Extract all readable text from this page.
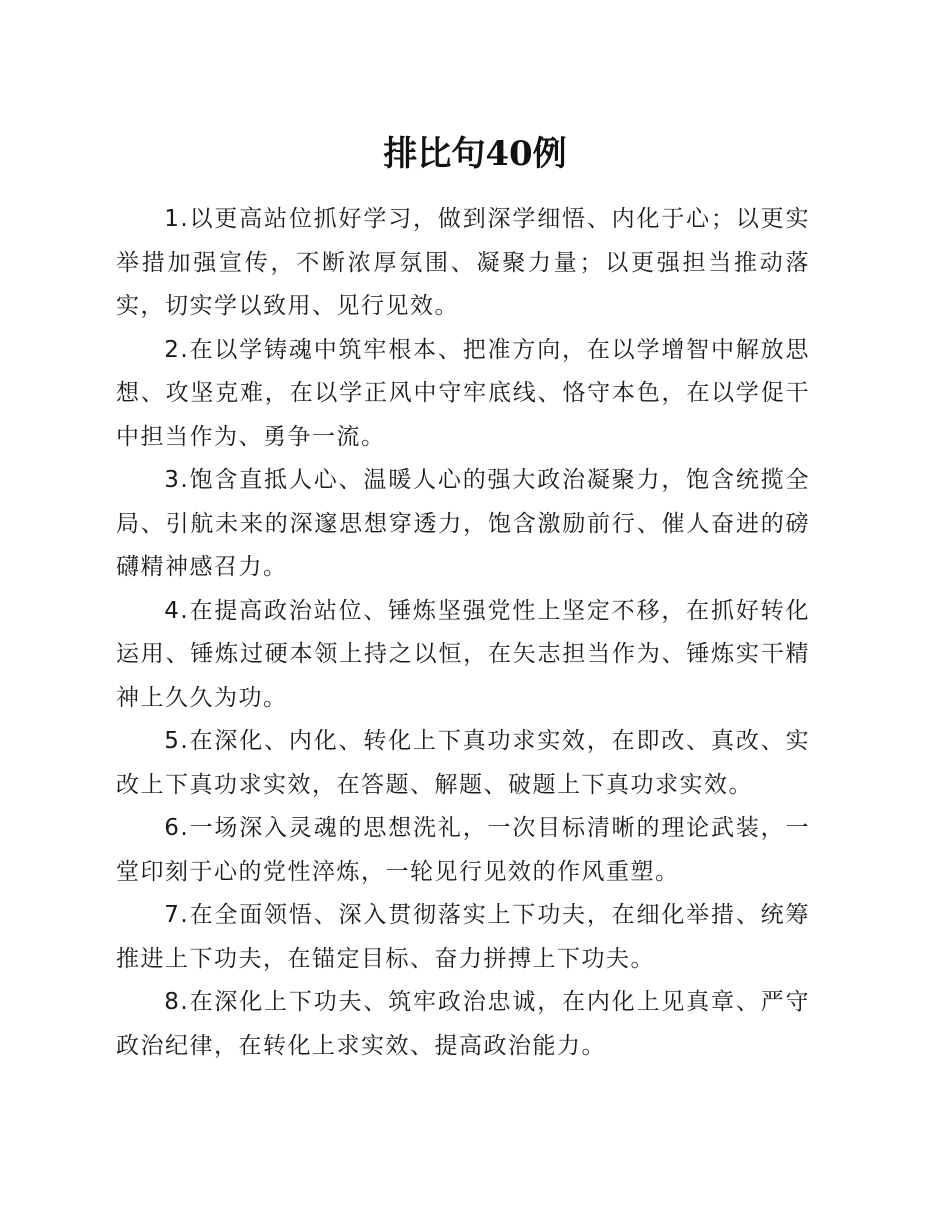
排比句40例

1.以更高站位抓好学习，做到深学细悟、内化于心；以更实举措加强宣传，不断浓厚氛围、凝聚力量；以更强担当推动落实，切实学以致用、见行见效。

2.在以学铸魂中筑牢根本、把准方向，在以学增智中解放思想、攻坚克难，在以学正风中守牢底线、恪守本色，在以学促干中担当作为、勇争一流。

3.饱含直抵人心、温暖人心的强大政治凝聚力，饱含统揽全局、引航未来的深邃思想穿透力，饱含激励前行、催人奋进的磅礴精神感召力。

4.在提高政治站位、锤炼坚强党性上坚定不移，在抓好转化运用、锤炼过硬本领上持之以恒，在矢志担当作为、锤炼实干精神上久久为功。

5.在深化、内化、转化上下真功求实效，在即改、真改、实改上下真功求实效，在答题、解题、破题上下真功求实效。

6.一场深入灵魂的思想洗礼，一次目标清晰的理论武装，一堂印刻于心的党性淬炼，一轮见行见效的作风重塑。

7.在全面领悟、深入贯彻落实上下功夫，在细化举措、统筹推进上下功夫，在锚定目标、奋力拼搏上下功夫。

8.在深化上下功夫、筑牢政治忠诚，在内化上见真章、严守政治纪律，在转化上求实效、提高政治能力。
